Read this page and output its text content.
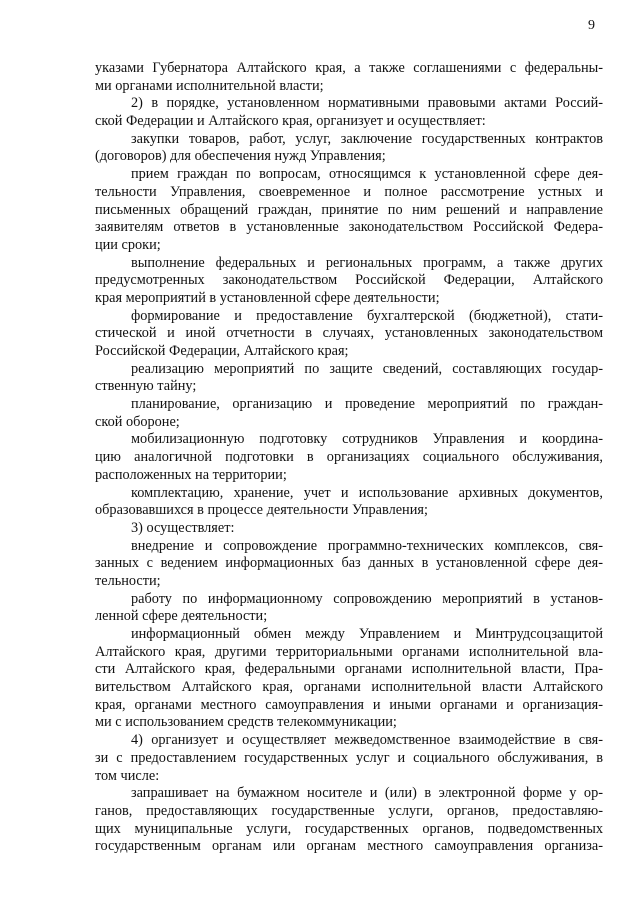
9
указами Губернатора Алтайского края, а также соглашениями с федеральны-
ми органами исполнительной власти;
2) в порядке, установленном нормативными правовыми актами Россий-
ской Федерации и Алтайского края, организует и осуществляет:
закупки товаров, работ, услуг, заключение государственных контрактов
(договоров) для обеспечения нужд Управления;
прием граждан по вопросам, относящимся к установленной сфере дея-
тельности Управления, своевременное и полное рассмотрение устных и
письменных обращений граждан, принятие по ним решений и направление
заявителям ответов в установленные законодательством Российской Федера-
ции сроки;
выполнение федеральных и региональных программ, а также других
предусмотренных законодательством Российской Федерации, Алтайского
края мероприятий в установленной сфере деятельности;
формирование и предоставление бухгалтерской (бюджетной), стати-
стической и иной отчетности в случаях, установленных законодательством
Российской Федерации, Алтайского края;
реализацию мероприятий по защите сведений, составляющих государ-
ственную тайну;
планирование, организацию и проведение мероприятий по граждан-
ской обороне;
мобилизационную подготовку сотрудников Управления и координа-
цию аналогичной подготовки в организациях социального обслуживания,
расположенных на территории;
комплектацию, хранение, учет и использование архивных документов,
образовавшихся в процессе деятельности Управления;
3) осуществляет:
внедрение и сопровождение программно-технических комплексов, свя-
занных с ведением информационных баз данных в установленной сфере дея-
тельности;
работу по информационному сопровождению мероприятий в установ-
ленной сфере деятельности;
информационный обмен между Управлением и Минтрудсоцзащитой
Алтайского края, другими территориальными органами исполнительной вла-
сти Алтайского края, федеральными органами исполнительной власти, Пра-
вительством Алтайского края, органами исполнительной власти Алтайского
края, органами местного самоуправления и иными органами и организация-
ми с использованием средств телекоммуникации;
4) организует и осуществляет межведомственное взаимодействие в свя-
зи с предоставлением государственных услуг и социального обслуживания, в
том числе:
запрашивает на бумажном носителе и (или) в электронной форме у ор-
ганов, предоставляющих государственные услуги, органов, предоставляю-
щих муниципальные услуги, государственных органов, подведомственных
государственным органам или органам местного самоуправления организа-
